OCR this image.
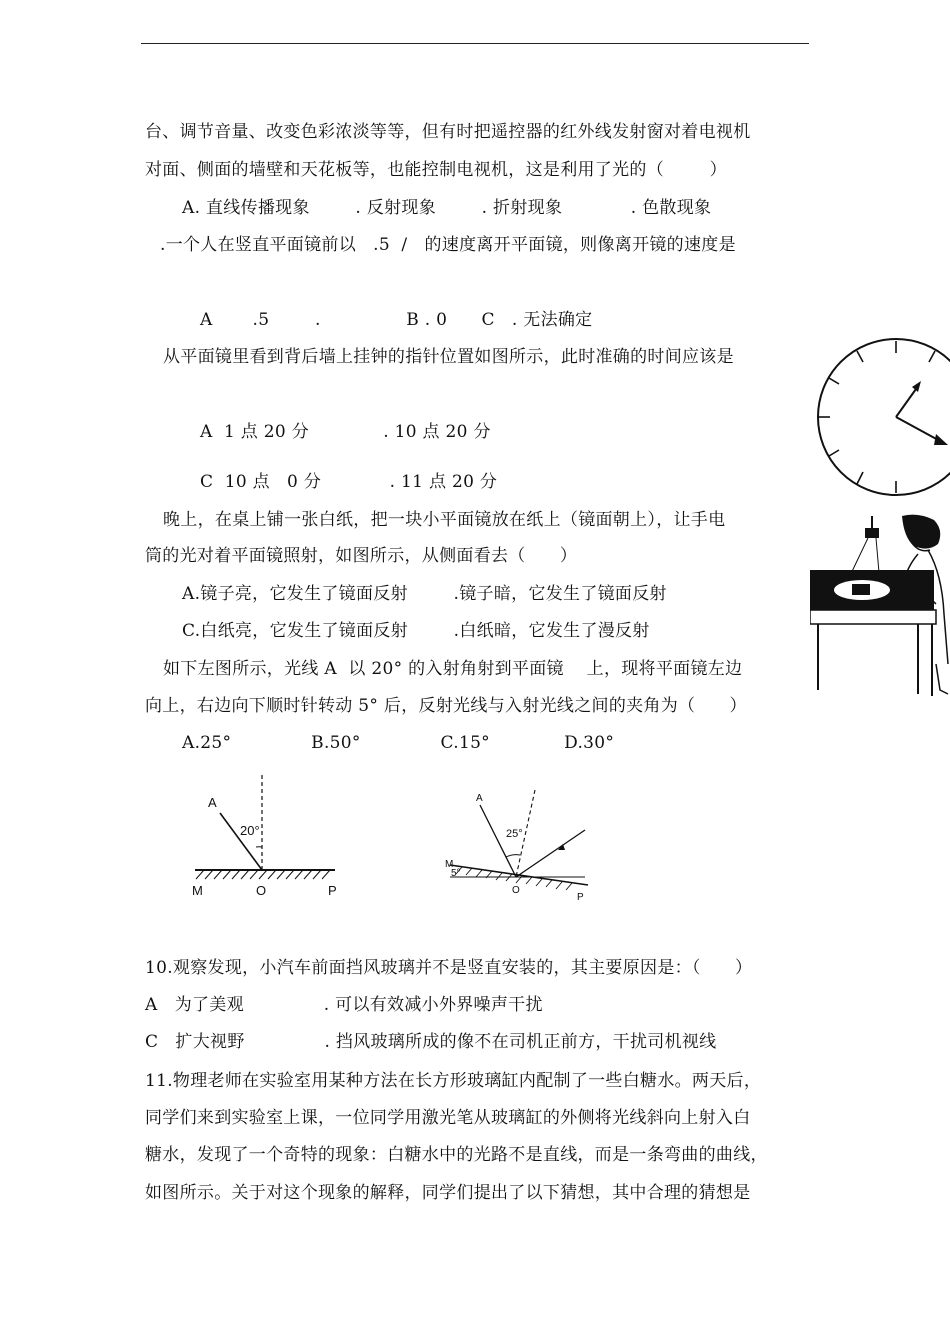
台、调节音量、改变色彩浓淡等等，但有时把遥控器的红外线发射窗对着电视机
对面、侧面的墙壁和天花板等，也能控制电视机，这是利用了光的（        ）
A. 直线传播现象        . 反射现象        . 折射现象            . 色散现象
.一个人在竖直平面镜前以   .5  /   的速度离开平面镜，则像离开镜的速度是
A       .5        .               B . 0      C   . 无法确定
从平面镜里看到背后墙上挂钟的指针位置如图所示，此时准确的时间应该是
A  1 点 20 分             . 10 点 20 分
C  10 点   0 分            . 11 点 20 分
晚上，在桌上铺一张白纸，把一块小平面镜放在纸上（镜面朝上），让手电
筒的光对着平面镜照射，如图所示，从侧面看去（      ）
A.镜子亮，它发生了镜面反射        .镜子暗，它发生了镜面反射
C.白纸亮，它发生了镜面反射        .白纸暗，它发生了漫反射
如下左图所示，光线 A  以 20° 的入射角射到平面镜    上，现将平面镜左边
向上，右边向下顺时针转动 5° 后，反射光线与入射光线之间的夹角为（      ）
A.25°              B.50°              C.15°             D.30°
A
20°
M	O	P
A
25°
5°
M
O
P
10.观察发现，小汽车前面挡风玻璃并不是竖直安装的，其主要原因是：（      ）
A   为了美观              . 可以有效减小外界噪声干扰
C   扩大视野              . 挡风玻璃所成的像不在司机正前方，干扰司机视线
11.物理老师在实验室用某种方法在长方形玻璃缸内配制了一些白糖水。两天后，
同学们来到实验室上课，一位同学用激光笔从玻璃缸的外侧将光线斜向上射入白
糖水，发现了一个奇特的现象：白糖水中的光路不是直线，而是一条弯曲的曲线，
如图所示。关于对这个现象的解释，同学们提出了以下猜想，其中合理的猜想是
